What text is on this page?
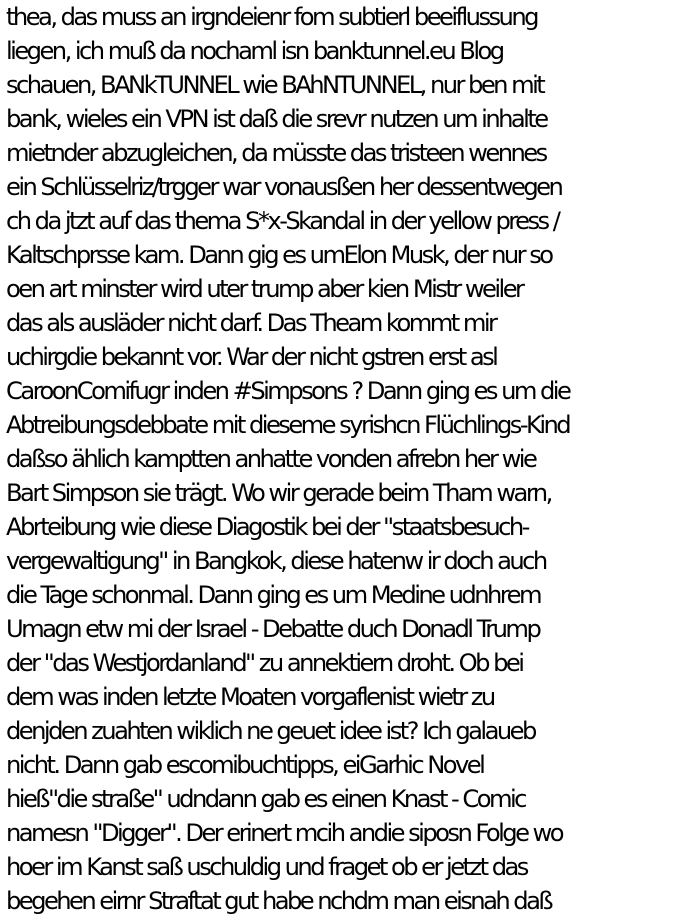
thea, das muss an irgndeienr fom subtierl beeiflussung
liegen, ich muß da nochaml isn banktunnel.eu Blog
schauen, BANkTUNNEL wie BAhNTUNNEL, nur ben mit
bank, wieles ein VPN ist daß die srevr nutzen um inhalte
mietnder abzugleichen, da müsste das tristeen wennes
ein Schlüsselriz/trgger war vonausßen her dessentwegen
ch da jtzt auf das thema S*x-Skandal in der yellow press /
Kaltschprsse kam. Dann gig es umElon Musk, der nur so
oen art minster wird uter trump aber kien Mistr weiler
das als ausläder nicht darf. Das Theam kommt mir
uchirgdie bekannt vor. War der nicht gstren erst asl
CaroonComifugr inden #Simpsons ? Dann ging es um die
Abtreibungsdebbate mit dieseme syrishcn Flüchlings-Kind
daßso ählich kamptten anhatte vonden afrebn her wie
Bart Simpson sie trägt. Wo wir gerade beim Tham warn,
Abrteibung wie diese Diagostik bei der "staatsbesuch-
vergewaltigung" in Bangkok, diese hatenw ir doch auch
die Tage schonmal. Dann ging es um Medine udnhrem
Umagn etw mi der Israel - Debatte duch Donadl Trump
der "das Westjordanland" zu annektiern droht. Ob bei
dem was inden letzte Moaten vorgaflenist wietr zu
denjden zuahten wiklich ne geuet idee ist? Ich galaueb
nicht. Dann gab escomibuchtipps, eiGarhic Novel
hieß"die straße" udndann gab es einen Knast - Comic
namesn "Digger". Der erinert mcih andie siposn Folge wo
hoer im Kanst saß uschuldig und fraget ob er jetzt das
begehen eirnr Straftat gut habe nchdm man eisnah daß
